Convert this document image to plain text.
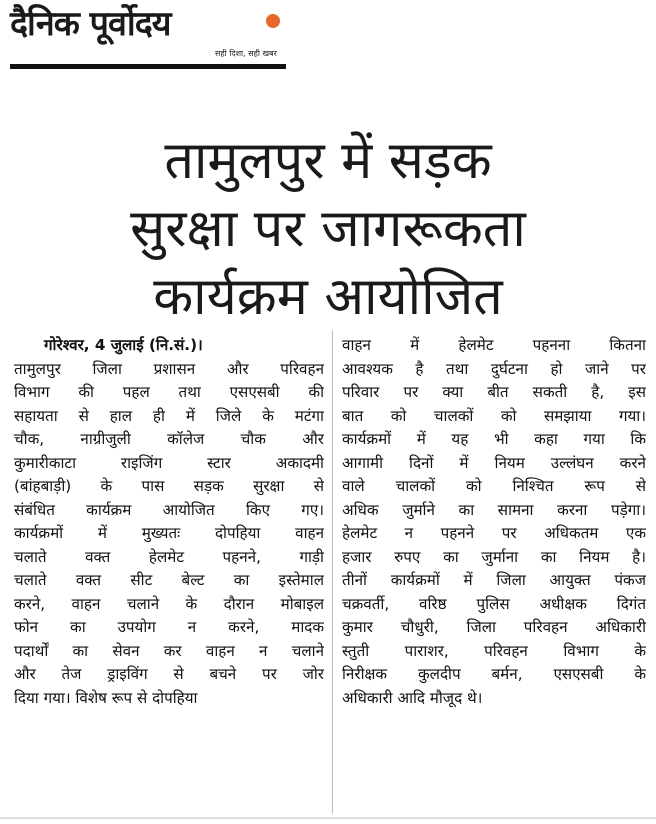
दैनिक पूर्वोदय
सही दिशा, सही खबर
तामुलपुर में सड़क
सुरक्षा पर जागरूकता
कार्यक्रम आयोजित
गोरेश्वर, 4 जुलाई (नि.सं.)।
तामुलपुर जिला प्रशासन और परिवहन
विभाग की पहल तथा एसएसबी की
सहायता से हाल ही में जिले के मटंगा
चौक, नाग्रीजुली कॉलेज चौक और
कुमारीकाटा राइजिंग स्टार अकादमी
(बांहबाड़ी) के पास सड़क सुरक्षा से
संबंधित कार्यक्रम आयोजित किए गए।
कार्यक्रमों में मुख्यतः दोपहिया वाहन
चलाते वक्त हेलमेट पहनने, गाड़ी
चलाते वक्त सीट बेल्ट का इस्तेमाल
करने, वाहन चलाने के दौरान मोबाइल
फोन का उपयोग न करने, मादक
पदार्थों का सेवन कर वाहन न चलाने
और तेज ड्राइविंग से बचने पर जोर
दिया गया। विशेष रूप से दोपहिया
वाहन में हेलमेट पहनना कितना
आवश्यक है तथा दुर्घटना हो जाने पर
परिवार पर क्या बीत सकती है, इस
बात को चालकों को समझाया गया।
कार्यक्रमों में यह भी कहा गया कि
आगामी दिनों में नियम उल्लंघन करने
वाले चालकों को निश्चित रूप से
अधिक जुर्माने का सामना करना पड़ेगा।
हेलमेट न पहनने पर अधिकतम एक
हजार रुपए का जुर्माना का नियम है।
तीनों कार्यक्रमों में जिला आयुक्त पंकज
चक्रवर्ती, वरिष्ठ पुलिस अधीक्षक दिगंत
कुमार चौधुरी, जिला परिवहन अधिकारी
स्तुती पाराशर, परिवहन विभाग के
निरीक्षक कुलदीप बर्मन, एसएसबी के
अधिकारी आदि मौजूद थे।
